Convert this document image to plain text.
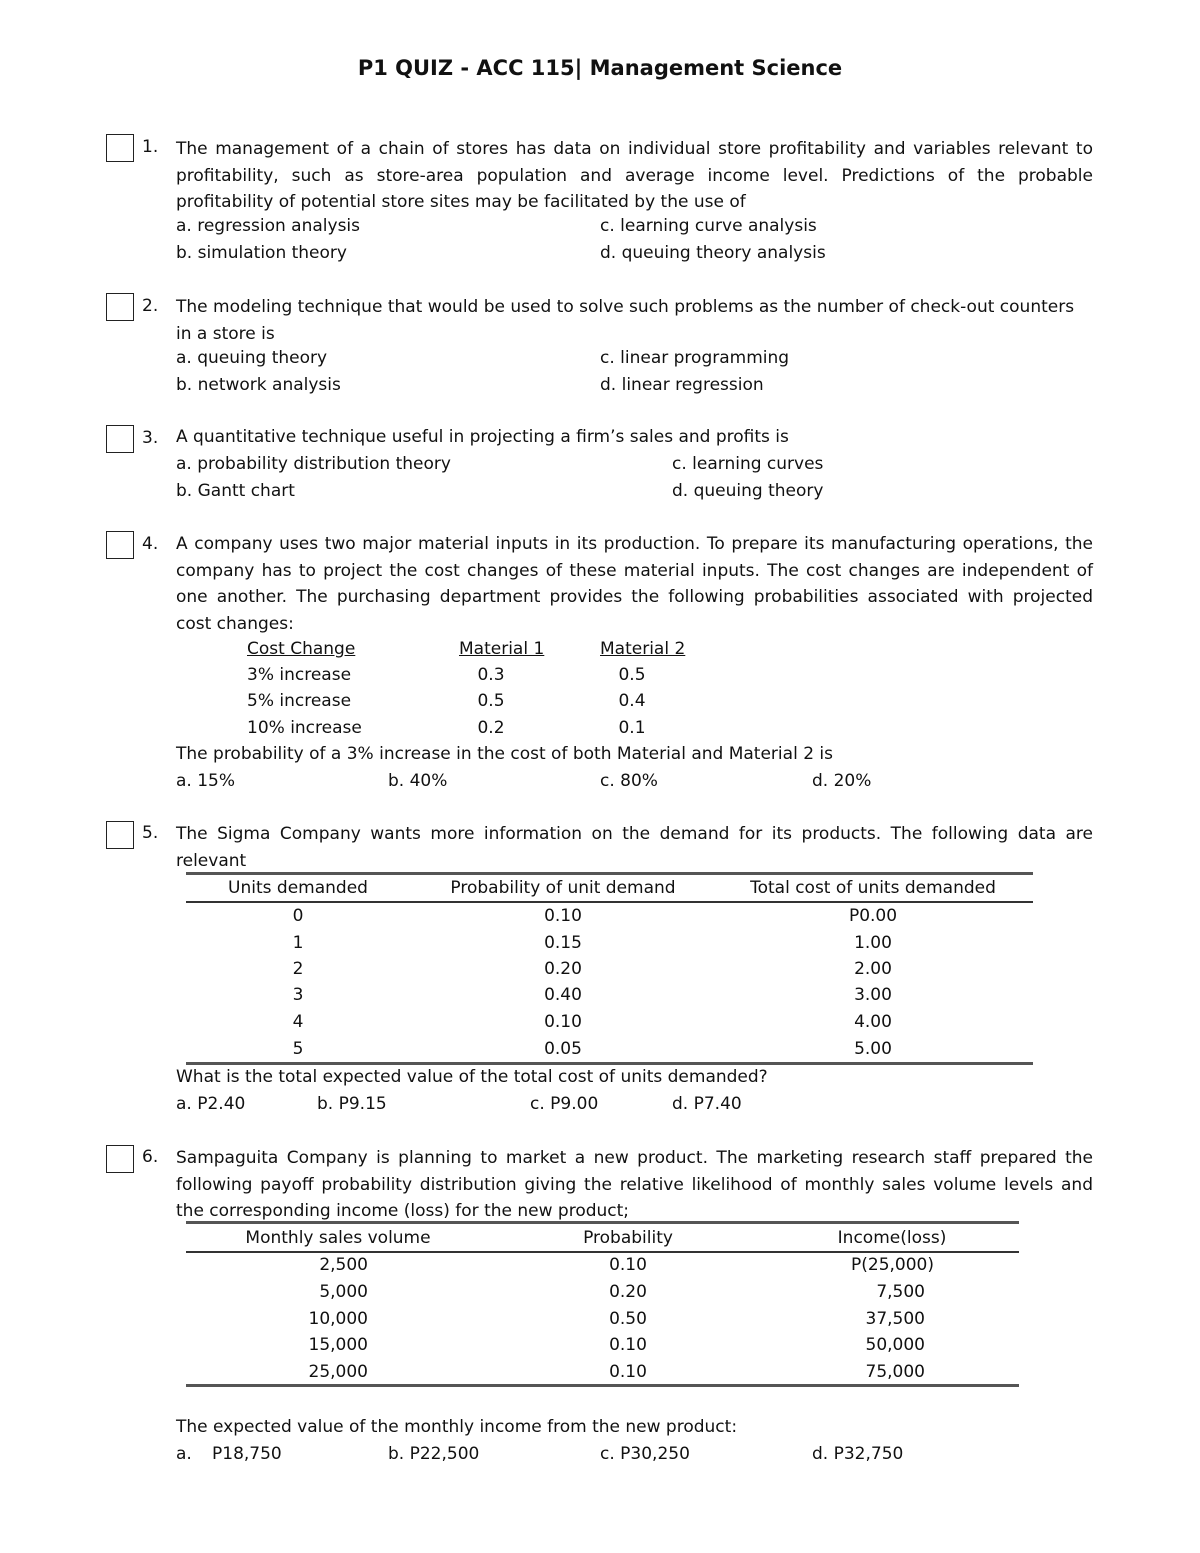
P1 QUIZ - ACC 115| Management Science
1. The management of a chain of stores has data on individual store profitability and variables relevant to profitability, such as store-area population and average income level. Predictions of the probable profitability of potential store sites may be facilitated by the use of
a. regression analysis
b. simulation theory
c. learning curve analysis
d. queuing theory analysis
2. The modeling technique that would be used to solve such problems as the number of check-out counters in a store is
a. queuing theory
b. network analysis
c. linear programming
d. linear regression
3. A quantitative technique useful in projecting a firm’s sales and profits is
a. probability distribution theory
b. Gantt chart
c. learning curves
d. queuing theory
4. A company uses two major material inputs in its production. To prepare its manufacturing operations, the company has to project the cost changes of these material inputs. The cost changes are independent of one another. The purchasing department provides the following probabilities associated with projected cost changes:
Cost Change	Material 1	Material 2
3% increase	0.3	0.5
5% increase	0.5	0.4
10% increase	0.2	0.1
The probability of a 3% increase in the cost of both Material and Material 2 is
a. 15%	b. 40%	c. 80%	d. 20%
5. The Sigma Company wants more information on the demand for its products. The following data are relevant
Units demanded	Probability of unit demand	Total cost of units demanded
0	0.10	P0.00
1	0.15	1.00
2	0.20	2.00
3	0.40	3.00
4	0.10	4.00
5	0.05	5.00
What is the total expected value of the total cost of units demanded?
a. P2.40	b. P9.15	c. P9.00	d. P7.40
6. Sampaguita Company is planning to market a new product. The marketing research staff prepared the following payoff probability distribution giving the relative likelihood of monthly sales volume levels and the corresponding income (loss) for the new product;
Monthly sales volume	Probability	Income(loss)
2,500	0.10	P(25,000)
5,000	0.20	7,500
10,000	0.50	37,500
15,000	0.10	50,000
25,000	0.10	75,000
The expected value of the monthly income from the new product:
a. P18,750	b. P22,500	c. P30,250	d. P32,750
